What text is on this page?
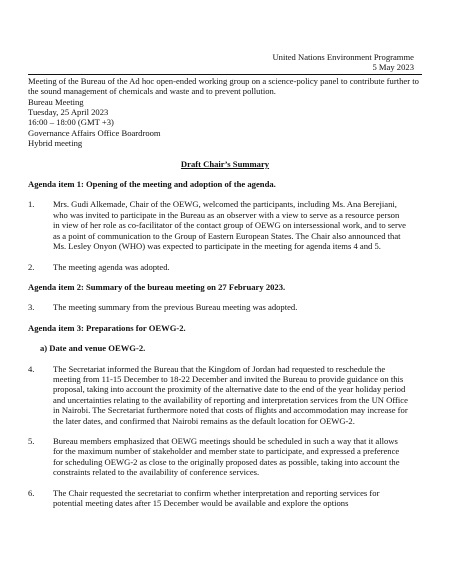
United Nations Environment Programme
5 May 2023
Meeting of the Bureau of the Ad hoc open-ended working group on a science-policy panel to contribute further to the sound management of chemicals and waste and to prevent pollution.
Bureau Meeting
Tuesday, 25 April 2023
16:00 – 18:00 (GMT +3)
Governance Affairs Office Boardroom
Hybrid meeting
Draft Chair’s Summary
Agenda item 1: Opening of the meeting and adoption of the agenda.
1.	Mrs. Gudi Alkemade, Chair of the OEWG, welcomed the participants, including Ms. Ana Berejiani, who was invited to participate in the Bureau as an observer with a view to serve as a resource person in view of her role as co-facilitator of the contact group of OEWG on intersessional work, and to serve as a point of communication to the Group of Eastern European States. The Chair also announced that Ms. Lesley Onyon (WHO) was expected to participate in the meeting for agenda items 4 and 5.
2.	The meeting agenda was adopted.
Agenda item 2: Summary of the bureau meeting on 27 February 2023.
3.	The meeting summary from the previous Bureau meeting was adopted.
Agenda item 3: Preparations for OEWG-2.
a) Date and venue OEWG-2.
4.	The Secretariat informed the Bureau that the Kingdom of Jordan had requested to reschedule the meeting from 11-15 December to 18-22 December and invited the Bureau to provide guidance on this proposal, taking into account the proximity of the alternative date to the end of the year holiday period and uncertainties relating to the availability of reporting and interpretation services from the UN Office in Nairobi. The Secretariat furthermore noted that costs of flights and accommodation may increase for the later dates, and confirmed that Nairobi remains as the default location for OEWG-2.
5.	Bureau members emphasized that OEWG meetings should be scheduled in such a way that it allows for the maximum number of stakeholder and member state to participate, and expressed a preference for scheduling OEWG-2 as close to the originally proposed dates as possible, taking into account the constraints related to the availability of conference services.
6.	The Chair requested the secretariat to confirm whether interpretation and reporting services for potential meeting dates after 15 December would be available and explore the options
